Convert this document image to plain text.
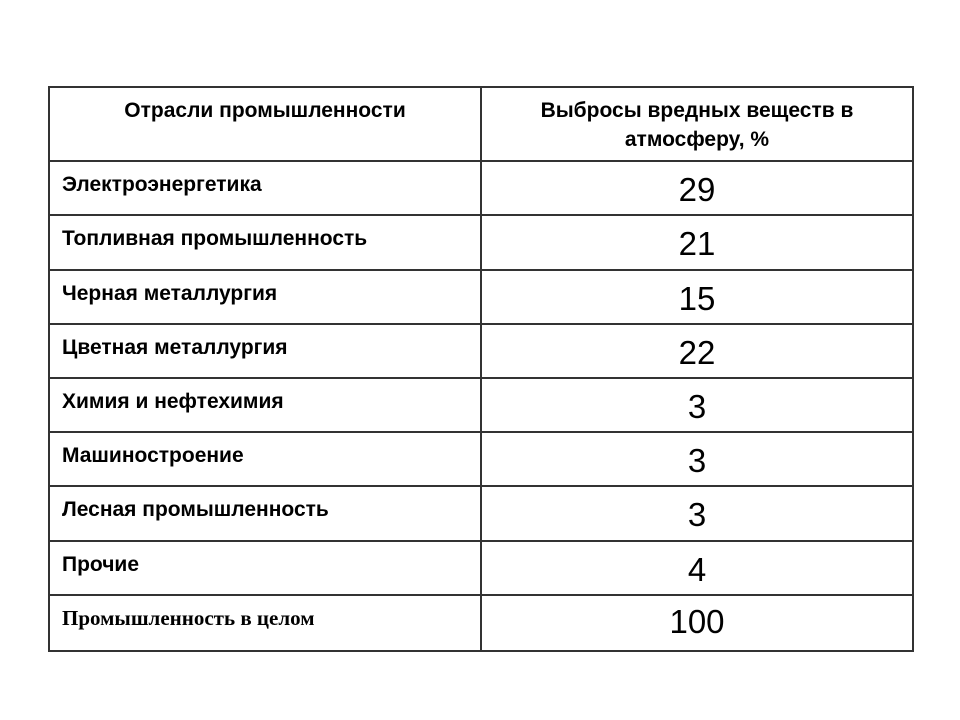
Отрасли промышленности	Выбросы вредных веществ в атмосферу, %
Электроэнергетика	29
Топливная промышленность	21
Черная металлургия	15
Цветная металлургия	22
Химия и нефтехимия	3
Машиностроение	3
Лесная промышленность	3
Прочие	4
Промышленность в целом	100
